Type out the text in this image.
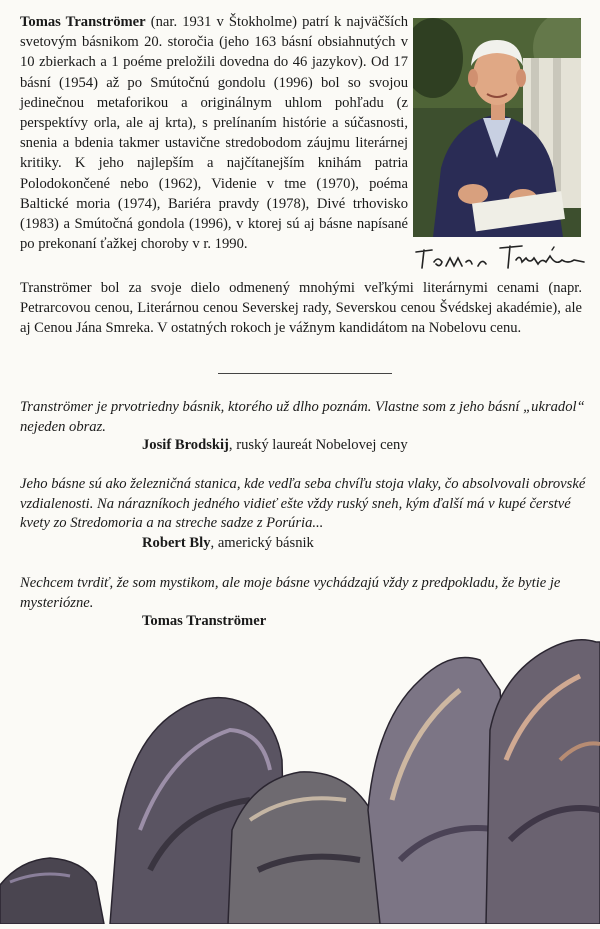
Tomas Tranströmer (nar. 1931 v Štokholme) patrí k najväčších svetovým básnikom 20. storočia (jeho 163 básní obsiahnutých v 10 zbierkach a 1 poéme preložili dovedna do 46 jazykov). Od 17 básní (1954) až po Smútočnú gondolu (1996) bol so svojou jedinečnou metaforikou a originálnym uhlom pohľadu (z perspektívy orla, ale aj krta), s prelínaním histórie a súčasnosti, snenia a bdenia takmer ustavične stredobodom záujmu literárnej kritiky. K jeho najlepším a najčítanejším knihám patria Polodokončené nebo (1962), Videnie v tme (1970), poéma Baltické moria (1974), Bariéra pravdy (1978), Divé trhovisko (1983) a Smútočná gondola (1996), v ktorej sú aj básne napísané po prekonaní ťažkej choroby v r. 1990.
Tranströmer bol za svoje dielo odmenený mnohými veľkými literárnymi cenami (napr. Petrarcovou cenou, Literárnou cenou Severskej rady, Severskou cenou Švédskej akadémie), ale aj Cenou Jána Smreka. V ostatných rokoch je vážnym kandidátom na Nobelovu cenu.
Tranströmer je prvotriedny básnik, ktorého už dlho poznám. Vlastne som z jeho básní „ukradol“ nejeden obraz.
Josif Brodskij, ruský laureát Nobelovej ceny
Jeho básne sú ako železničná stanica, kde vedľa seba chvíľu stoja vlaky, čo absolvovali obrovské vzdialenosti. Na nárazníkoch jedného vidieť ešte vždy ruský sneh, kým ďalší má v kupé čerstvé kvety zo Stredomoria a na streche sadze z Porúria...
Robert Bly, americký básnik
Nechcem tvrdiť, že som mystikom, ale moje básne vychádzajú vždy z predpokladu, že bytie je mysteriózne.
Tomas Tranströmer
